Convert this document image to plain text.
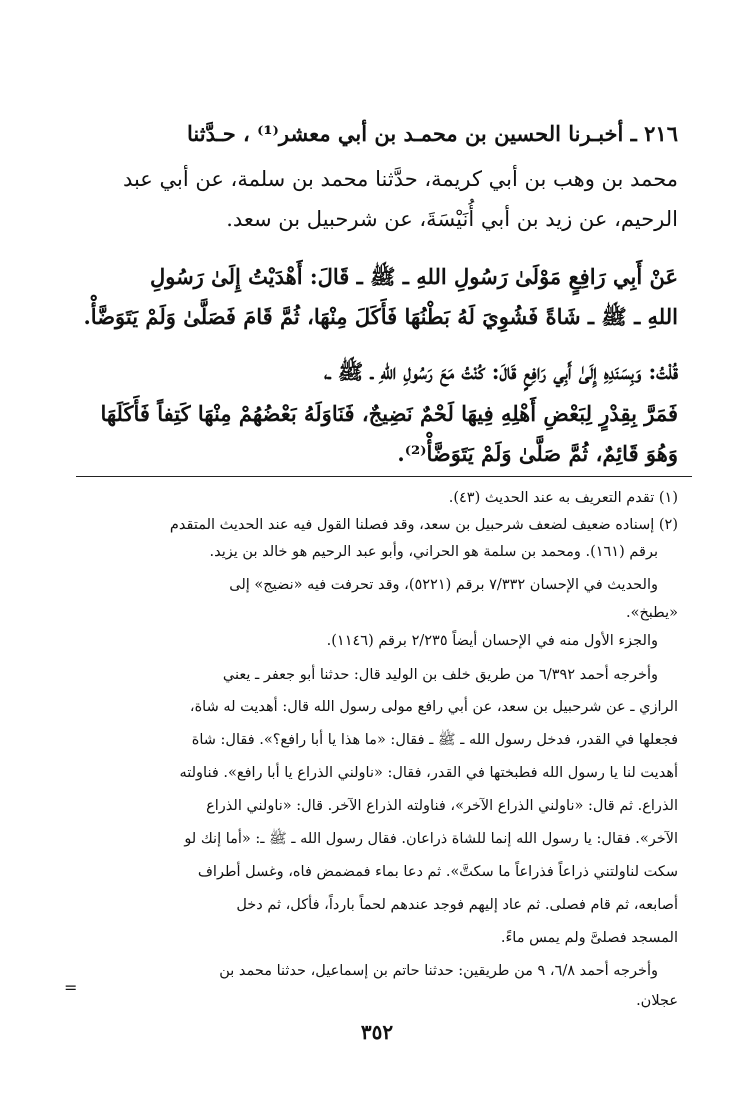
٢١٦ ـ أخبـرنا الحسين بن محمـد بن أبي معشر⁽¹⁾ ، حـدَّثنا
محمد بن وهب بن أبي كريمة، حدَّثنا محمد بن سلمة، عن أبي عبد
الرحيم، عن زيد بن أبي أُنَيْسَةَ، عن شرحبيل بن سعد.
عَنْ أَبِي رَافِعٍ مَوْلَىٰ رَسُولِ اللهِ ـ ﷺ ـ قَالَ: أَهْدَيْتُ إِلَىٰ رَسُولِ
اللهِ ـ ﷺ ـ شَاةً فَشُوِيَ لَهُ بَطْنُهَا فَأَكَلَ مِنْهَا، ثُمَّ قَامَ فَصَلَّىٰ وَلَمْ يَتَوَضَّأْ.
قُلْتُ: وَبِسَنَدِهِ إِلَىٰ أَبِي رَافِعٍ قَالَ: كُنْتُ مَعَ رَسُولِ اللهِ ـ ﷺ ـ،
فَمَرَّ بِقِدْرٍ لِبَعْضِ أَهْلِهِ فِيهَا لَحْمٌ نَضِيجٌ، فَنَاوَلَهُ بَعْضُهُمْ مِنْهَا كَتِفاً فَأَكَلَهَا
وَهُوَ قَائِمٌ، ثُمَّ صَلَّىٰ وَلَمْ يَتَوَضَّأْ⁽²⁾.
(١) تقدم التعريف به عند الحديث (٤٣).
(٢) إسناده ضعيف لضعف شرحبيل بن سعد، وقد فصلنا القول فيه عند الحديث المتقدم
برقم (١٦١). ومحمد بن سلمة هو الحراني، وأبو عبد الرحيم هو خالد بن يزيد.
والحديث في الإحسان ٧/٣٣٢ برقم (٥٢٢١)، وقد تحرفت فيه «نضيج» إلى
«يطبخ».
والجزء الأول منه في الإحسان أيضاً ٢/٢٣٥ برقم (١١٤٦).
وأخرجه أحمد ٦/٣٩٢ من طريق خلف بن الوليد قال: حدثنا أبو جعفر ـ يعني
الرازي ـ عن شرحبيل بن سعد، عن أبي رافع مولى رسول الله قال: أهديت له شاة،
فجعلها في القدر، فدخل رسول الله ـ ﷺ ـ فقال: «ما هذا يا أبا رافع؟». فقال: شاة
أهديت لنا يا رسول الله فطبختها في القدر، فقال: «ناولني الذراع يا أبا رافع». فناولته
الذراع. ثم قال: «ناولني الذراع الآخر»، فناولته الذراع الآخر. قال: «ناولني الذراع
الآخر». فقال: يا رسول الله إنما للشاة ذراعان. فقال رسول الله ـ ﷺ ـ: «أما إنك لو
سكت لناولتني ذراعاً فذراعاً ما سكتَّ». ثم دعا بماء فمضمض فاه، وغسل أطراف
أصابعه، ثم قام فصلى. ثم عاد إليهم فوجد عندهم لحماً بارداً، فأكل، ثم دخل
المسجد فصلىَّ ولم يمس ماءً.
وأخرجه أحمد ٦/٨، ٩ من طريقين: حدثنا حاتم بن إسماعيل، حدثنا محمد بن
عجلان.
=
٣٥٢
